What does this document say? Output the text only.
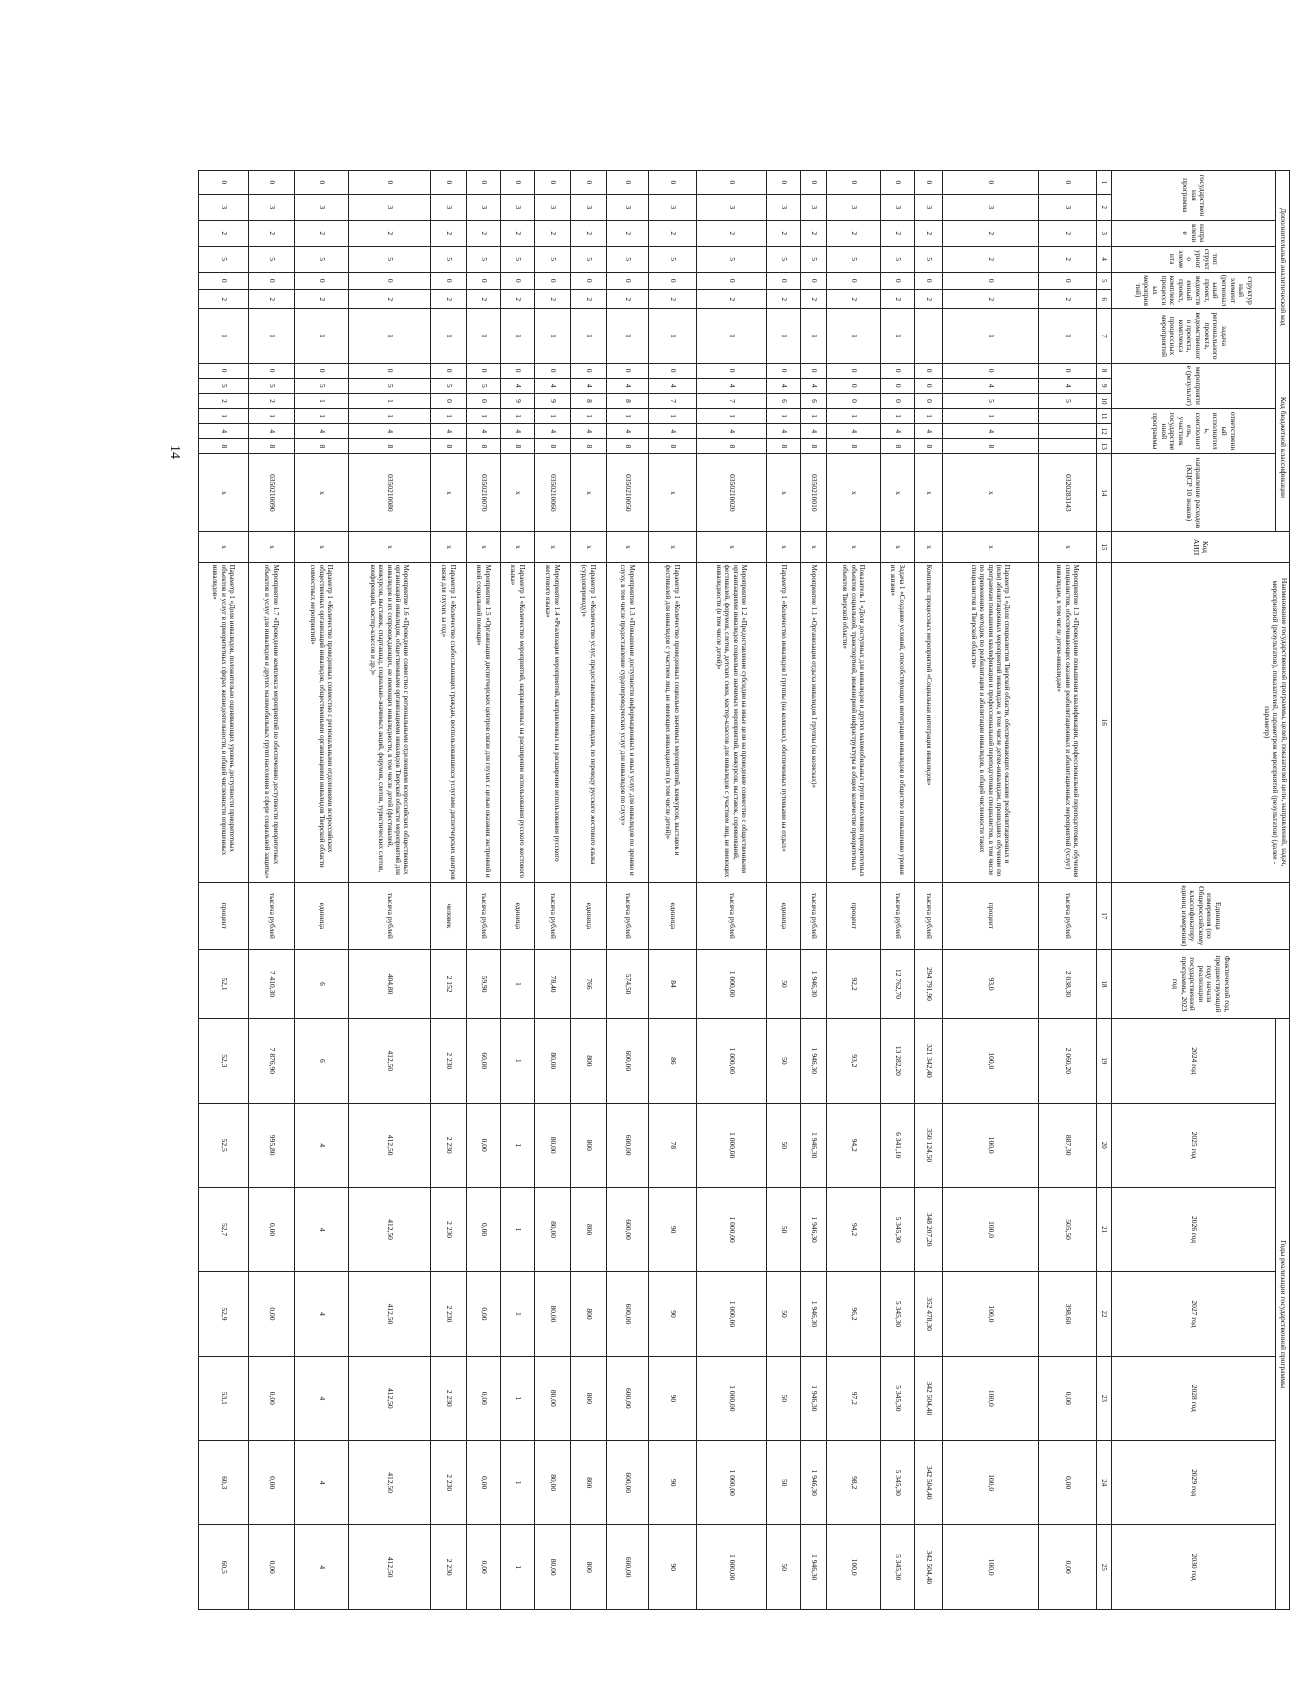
14
Дополнительный аналитический код							Код бюджетной классификации							Код АИП	Наименование государственной программы, целей, показателей цели, направлений, задач, мероприятий (результатов), показателей, параметров мероприятий (результатов) (далее - параметр)	Единица измерения (по Общероссийскому классификатору единиц измерения)	Фактический год, предшествующий году начала реализации государственной программы, 2023 год	Годы реализации государственной программы						
государственная программа		направление	тип структурного элемента	структурный элемент (региональный проект, ведомственный проект, комплекс процессных мероприятий)		задача регионального проекта, ведомственного проекта, комплекса процессных мероприятий	мероприятие (результат)			ответственный исполнитель, соисполнитель, участник государственной программы			направление расходов (КЦСР 10 знаков)					2024 год	2025 год	2026 год	2027 год	2028 год	2029 год	2030 год

1	2	3	4	5	6	7	8	9	10	11	12	13	14	15	16	17	18	19	20	21	22	23	24	25
0	3	2	2	0	2	1	0	4	5				0320283143	x	Мероприятие 1.3 «Проведение повышения квалификации, профессиональной переподготовки, обучения специалистов, обеспечивающих оказание реабилитационных и абилитационных мероприятий (услуг) инвалидам, в том числе детям-инвалидам»	тысяча рублей	2 038,30	2 060,20	887,30	505,50	398,60	0,00	0,00	0,00
0	3	2	2	0	2	1	0	4	5	1	4	8	x	x	Параметр 1 «Доля специалистов Тверской области, обеспечивающих оказание реабилитационных и (или) абилитационных мероприятий инвалидам, в том числе детям-инвалидам, прошедших обучение по программам повышения квалификации и профессиональной переподготовки специалистов, в том числе по применению методик по реабилитации и абилитации инвалидов, в общей численности таких специалистов в Тверской области»	процент	93,0	100,0	100,0	100,0	100,0	100,0	100,0	100,0
0	3	2	5	0	2		0	0	0	1	4	8	x	x	Комплекс процессных мероприятий «Социальная интеграция инвалидов»	тысяча рублей	294 791,90	321 342,40	350 124,50	348 207,20	352 478,30	342 504,40	342 504,40	342 504,40
0	3	2	5	0	2	1	0	0	0	1	4	8	x	x	Задача 1 «Создание условий, способствующих интеграции инвалидов в общество и повышению уровня их жизни»	тысяча рублей	12 762,70	13 282,20	6 341,10	5 345,30	5 345,30	5 345,30	5 345,30	5 345,30
0	3	2	5	0	2	1	0	0	0	1	4	8	x	x	Показатель 1 «Доля доступных для инвалидов и других маломобильных групп населения приоритетных объектов социальной, транспортной, инженерной инфраструктуры в общем количестве приоритетных объектов Тверской области»	процент	92,2	93,2	94,2	94,2	96,2	97,2	98,2	100,0
0	3	2	5	0	2	1	0	4	6	1	4	8	0350210010	x	Мероприятие 1.1 «Организация отдыха инвалидов I группы (на колясках)»	тысяча рублей	1 946,30	1 946,30	1 946,30	1 946,30	1 946,30	1 946,30	1 946,30	1 946,30
0	3	2	5	0	2	1	0	4	6	1	4	8	x	x	Параметр 1 «Количество инвалидов I группы (на колясках), обеспеченных путевками на отдых»	единица	50	50	50	50	50	50	50	50
0	3	2	5	0	2	1	0	4	7	1	4	8	0350210020	x	Мероприятие 1.2 «Предоставление субсидии на иные цели на проведение совместно с общественными организациями инвалидов социально значимых мероприятий, конкурсов, выставок, соревнований, фестивалей, форумов, слетов, детских смен, мастер-классов для инвалидов с участием лиц, не имеющих инвалидности (в том числе детей)»	тысяча рублей	1 000,00	1 000,00	1 000,00	1 000,00	1 000,00	1 000,00	1 000,00	1 000,00
0	3	2	5	0	2	1	0	4	7	1	4	8	x	x	Параметр 1 «Количество проведенных социально значимых мероприятий, конкурсов, выставок и фестивалей для инвалидов с участием лиц, не имеющих инвалидности (в том числе детей)»	единица	84	86	78	90	90	90	90	90
0	3	2	5	0	2	1	0	4	8	1	4	8	0350210050	x	Мероприятие 1.3 «Повышение доступности информационных и иных услуг для инвалидов по зрению и слуху, в том числе предоставление сурдопереводческих услуг для инвалидов по слуху»	тысяча рублей	574,50	600,00	600,00	600,00	600,00	600,00	600,00	600,00
0	3	2	5	0	2	1	0	4	8	1	4	8	x	x	Параметр 1 «Количество услуг, предоставленных инвалидам, по переводу русского жестового языка (сурдопереводу)»	единица	766	800	800	800	800	800	800	800
0	3	2	5	0	2	1	0	4	9	1	4	8	0350210060	x	Мероприятие 1.4 «Реализация мероприятий, направленных на расширение использования русского жестового языка»	тысяча рублей	78,40	80,00	80,00	80,00	80,00	80,00	80,00	80,00
0	3	2	5	0	2	1	0	4	9	1	4	8	x	x	Параметр 1 «Количество мероприятий, направленных на расширение использования русского жестового языка»	единица	1	1	1	1	1	1	1	1
0	3	2	5	0	2	1	0	5	0	1	4	8	0350210070	x	Мероприятие 1.5 «Организация диспетчерских центров связи для глухих с целью оказания экстренной и иной социальной помощи»	тысяча рублей	59,90	60,00	0,00	0,00	0,00	0,00	0,00	0,00
0	3	2	5	0	2	1	0	5	0	1	4	8	x	x	Параметр 1 «Количество слабослышащих граждан, воспользовавшихся услугами диспетчерских центров связи для глухих за год»	человек	2 152	2 230	2 230	2 230	2 230	2 230	2 230	2 230
0	3	2	5	0	2	1	0	5	1	1	4	8	0350210080	x	Мероприятие 1.6 «Проведение совместно с региональными отделениями всероссийских общественных организаций инвалидов, общественными организациями инвалидов Тверской области мероприятий для инвалидов и их сопровождающих, не имеющих инвалидности, в том числе детей (фестивалей, конкурсов, выставок, спартакиад, социально-значимых акций, форумов, слетов, туристических слетов, конференций, мастер-классов и др.)»	тысяча рублей	404,80	412,50	412,50	412,50	412,50	412,50	412,50	412,50
0	3	2	5	0	2	1	0	5	1	1	4	8	x	x	Параметр 1 «Количество проведенных совместно с региональными отделениями всероссийских общественных организаций инвалидов, общественными организациями инвалидов Тверской области совместных мероприятий»	единица	6	6	4	4	4	4	4	4
0	3	2	5	0	2	1	0	5	2	1	4	8	0350210090	x	Мероприятие 1.7 «Проведение комплекса мероприятий по обеспечению доступности приоритетных объектов и услуг для инвалидов и других маломобильных групп населения в сфере социальной защиты»	тысяча рублей	7 410,30	7 876,90	995,80	0,00	0,00	0,00	0,00	0,00
0	3	2	5	0	2	1	0	5	2	1	4	8	x	x	Параметр 1 «Доля инвалидов, положительно оценивающих уровень доступности приоритетных объектов и услуг в приоритетных сферах жизнедеятельности, в общей численности опрошенных инвалидов»	процент	52,1	52,3	52,5	52,7	52,9	53,1	60,3	60,5
